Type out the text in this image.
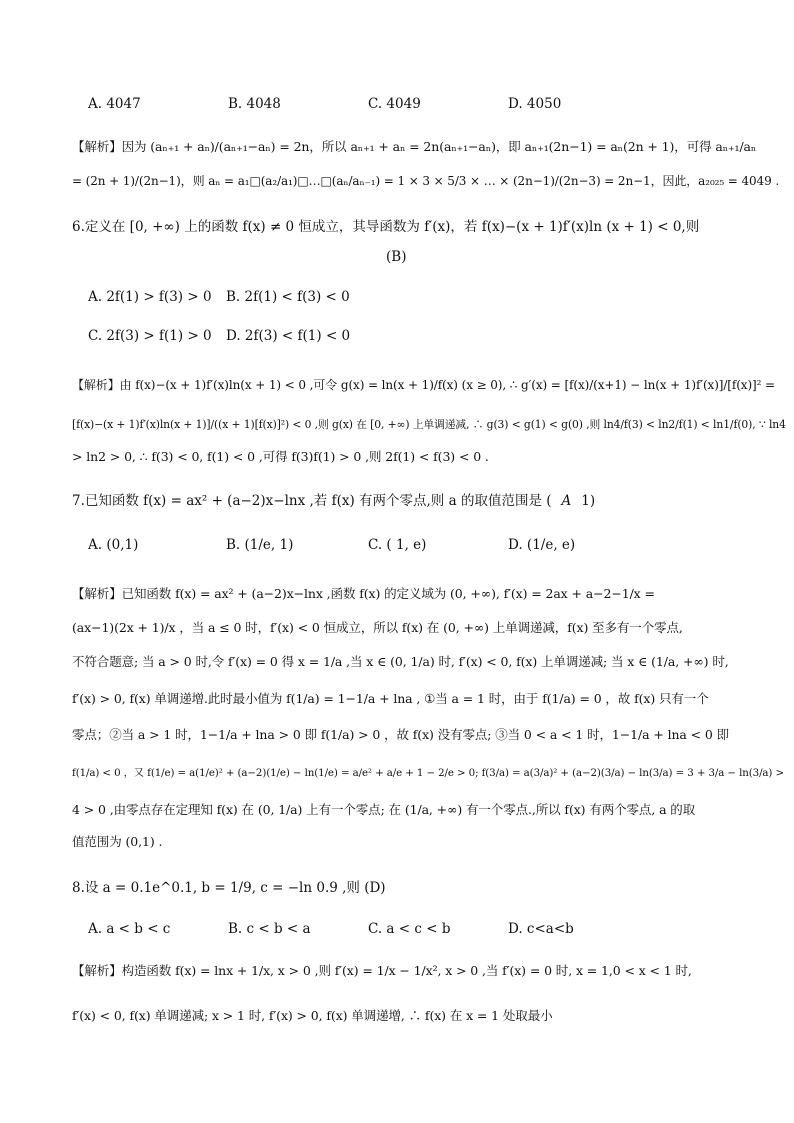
A. 4047	B. 4048	C. 4049	D. 4050
【解析】因为 (aₙ₊₁ + aₙ)/(aₙ₊₁−aₙ) = 2n，所以 aₙ₊₁ + aₙ = 2n(aₙ₊₁−aₙ)，即 aₙ₊₁(2n−1) = aₙ(2n + 1)，可得 aₙ₊₁/aₙ
= (2n + 1)/(2n−1)，则 aₙ = a₁□(a₂/a₁)□…□(aₙ/aₙ₋₁) = 1 × 3 × 5/3 × … × (2n−1)/(2n−3) = 2n−1，因此，a₂₀₂₅ = 4049 .
6.定义在 [0, +∞) 上的函数 f(x) ≠ 0 恒成立，其导函数为 f′(x)，若 f(x)−(x + 1)f′(x)ln (x + 1) < 0,则
(B)
A. 2f(1) > f(3) > 0 B. 2f(1) < f(3) < 0
C. 2f(3) > f(1) > 0 D. 2f(3) < f(1) < 0
【解析】由 f(x)−(x + 1)f′(x)ln(x + 1) < 0 ,可令 g(x) = ln(x + 1)/f(x) (x ≥ 0), ∴ g′(x) = [f(x)/(x+1) − ln(x + 1)f′(x)]/[f(x)]² =
[f(x)−(x + 1)f′(x)ln(x + 1)]/((x + 1)[f(x)]²) < 0 ,则 g(x) 在 [0, +∞) 上单调递减, ∴ g(3) < g(1) < g(0) ,则 ln4/f(3) < ln2/f(1) < ln1/f(0), ∵ ln4
> ln2 > 0, ∴ f(3) < 0, f(1) < 0 ,可得 f(3)f(1) > 0 ,则 2f(1) < f(3) < 0 .
7.已知函数 f(x) = ax² + (a−2)x−lnx ,若 f(x) 有两个零点,则 a 的取值范围是 ( A 1)
A. (0,1)	B. (1/e, 1)	C. ( 1, e)	D. (1/e, e)
【解析】已知函数 f(x) = ax² + (a−2)x−lnx ,函数 f(x) 的定义域为 (0, +∞), f′(x) = 2ax + a−2−1/x =
(ax−1)(2x + 1)/x ，当 a ≤ 0 时，f′(x) < 0 恒成立，所以 f(x) 在 (0, +∞) 上单调递减，f(x) 至多有一个零点,
不符合题意; 当 a > 0 时,令 f′(x) = 0 得 x = 1/a ,当 x ∈ (0, 1/a) 时, f′(x) < 0, f(x) 上单调递减; 当 x ∈ (1/a, +∞) 时,
f′(x) > 0, f(x) 单调递增.此时最小值为 f(1/a) = 1−1/a + lna , ①当 a = 1 时，由于 f(1/a) = 0 ，故 f(x) 只有一个
零点；②当 a > 1 时，1−1/a + lna > 0 即 f(1/a) > 0 ，故 f(x) 没有零点; ③当 0 < a < 1 时，1−1/a + lna < 0 即
f(1/a) < 0 ，又 f(1/e) = a(1/e)² + (a−2)(1/e) − ln(1/e) = a/e² + a/e + 1 − 2/e > 0; f(3/a) = a(3/a)² + (a−2)(3/a) − ln(3/a) = 3 + 3/a − ln(3/a) >
4 > 0 ,由零点存在定理知 f(x) 在 (0, 1/a) 上有一个零点; 在 (1/a, +∞) 有一个零点.,所以 f(x) 有两个零点, a 的取
值范围为 (0,1) .
8.设 a = 0.1e^0.1, b = 1/9, c = −ln 0.9 ,则 (D)
A. a < b < c	B. c < b < a	C. a < c < b	D. c<a<b
【解析】构造函数 f(x) = lnx + 1/x, x > 0 ,则 f′(x) = 1/x − 1/x², x > 0 ,当 f′(x) = 0 时, x = 1,0 < x < 1 时,
f′(x) < 0, f(x) 单调递减; x > 1 时, f′(x) > 0, f(x) 单调递增, ∴ f(x) 在 x = 1 处取最小
